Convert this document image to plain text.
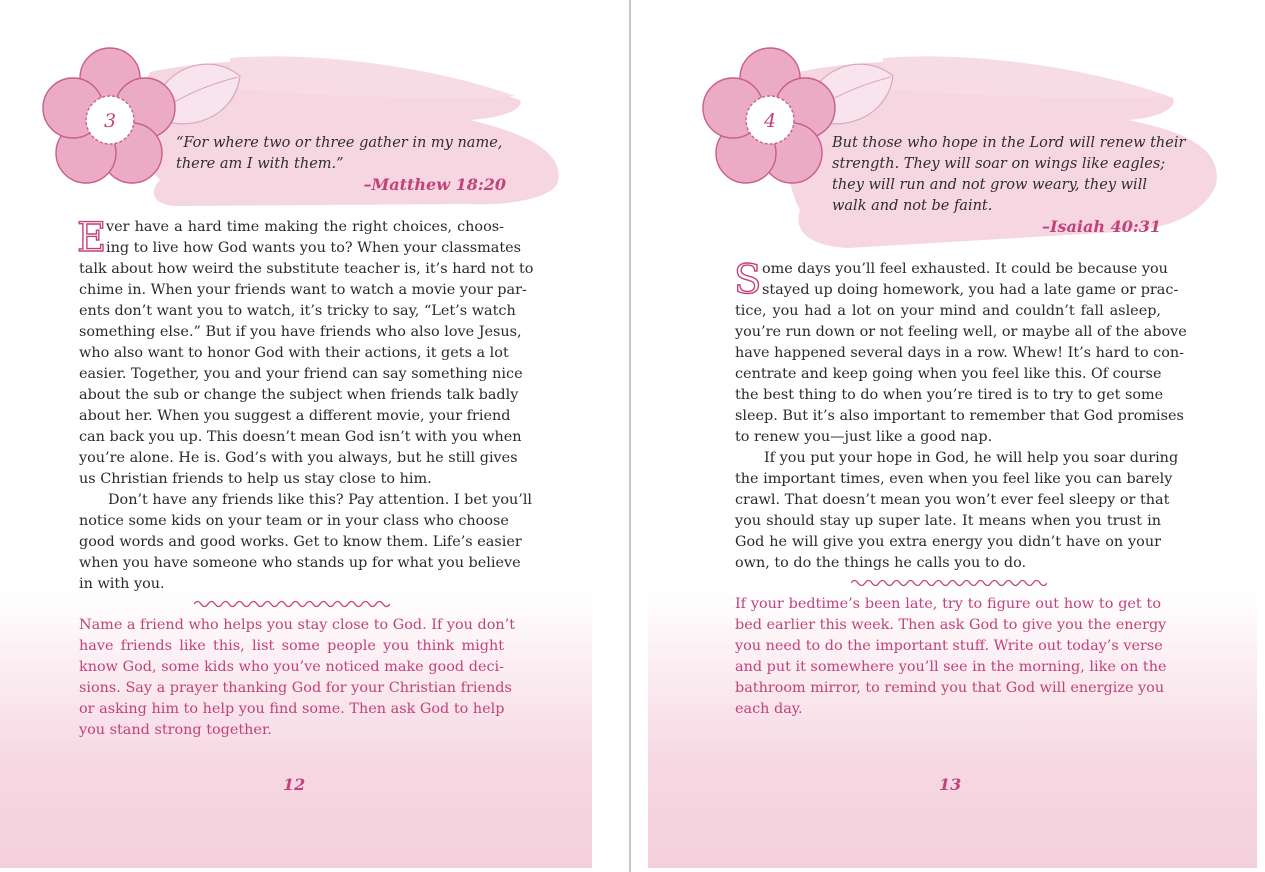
3

“For where two or three gather in my name,
there am I with them.”

–Matthew 18:20
E ver have a hard time making the right choices, choos-
ing to live how God wants you to? When your classmates
talk about how weird the substitute teacher is, it’s hard not to
chime in. When your friends want to watch a movie your par-
ents don’t want you to watch, it’s tricky to say, “Let’s watch
something else.” But if you have friends who also love Jesus,
who also want to honor God with their actions, it gets a lot
easier. Together, you and your friend can say something nice
about the sub or change the subject when friends talk badly
about her. When you suggest a different movie, your friend
can back you up. This doesn’t mean God isn’t with you when
you’re alone. He is. God’s with you always, but he still gives
us Christian friends to help us stay close to him.
Don’t have any friends like this? Pay attention. I bet you’ll
notice some kids on your team or in your class who choose
good words and good works. Get to know them. Life’s easier
when you have someone who stands up for what you believe
in with you.
Name a friend who helps you stay close to God. If you don’t
have friends like this, list some people you think might
know God, some kids who you’ve noticed make good deci-
sions. Say a prayer thanking God for your Christian friends
or asking him to help you find some. Then ask God to help
you stand strong together.
12
4

But those who hope in the Lord will renew their
strength. They will soar on wings like eagles;
they will run and not grow weary, they will
walk and not be faint.

–Isaiah 40:31
S ome days you’ll feel exhausted. It could be because you
stayed up doing homework, you had a late game or prac-
tice, you had a lot on your mind and couldn’t fall asleep,
you’re run down or not feeling well, or maybe all of the above
have happened several days in a row. Whew! It’s hard to con-
centrate and keep going when you feel like this. Of course
the best thing to do when you’re tired is to try to get some
sleep. But it’s also important to remember that God promises
to renew you—just like a good nap.
If you put your hope in God, he will help you soar during
the important times, even when you feel like you can barely
crawl. That doesn’t mean you won’t ever feel sleepy or that
you should stay up super late. It means when you trust in
God he will give you extra energy you didn’t have on your
own, to do the things he calls you to do.
If your bedtime’s been late, try to figure out how to get to
bed earlier this week. Then ask God to give you the energy
you need to do the important stuff. Write out today’s verse
and put it somewhere you’ll see in the morning, like on the
bathroom mirror, to remind you that God will energize you
each day.
13
